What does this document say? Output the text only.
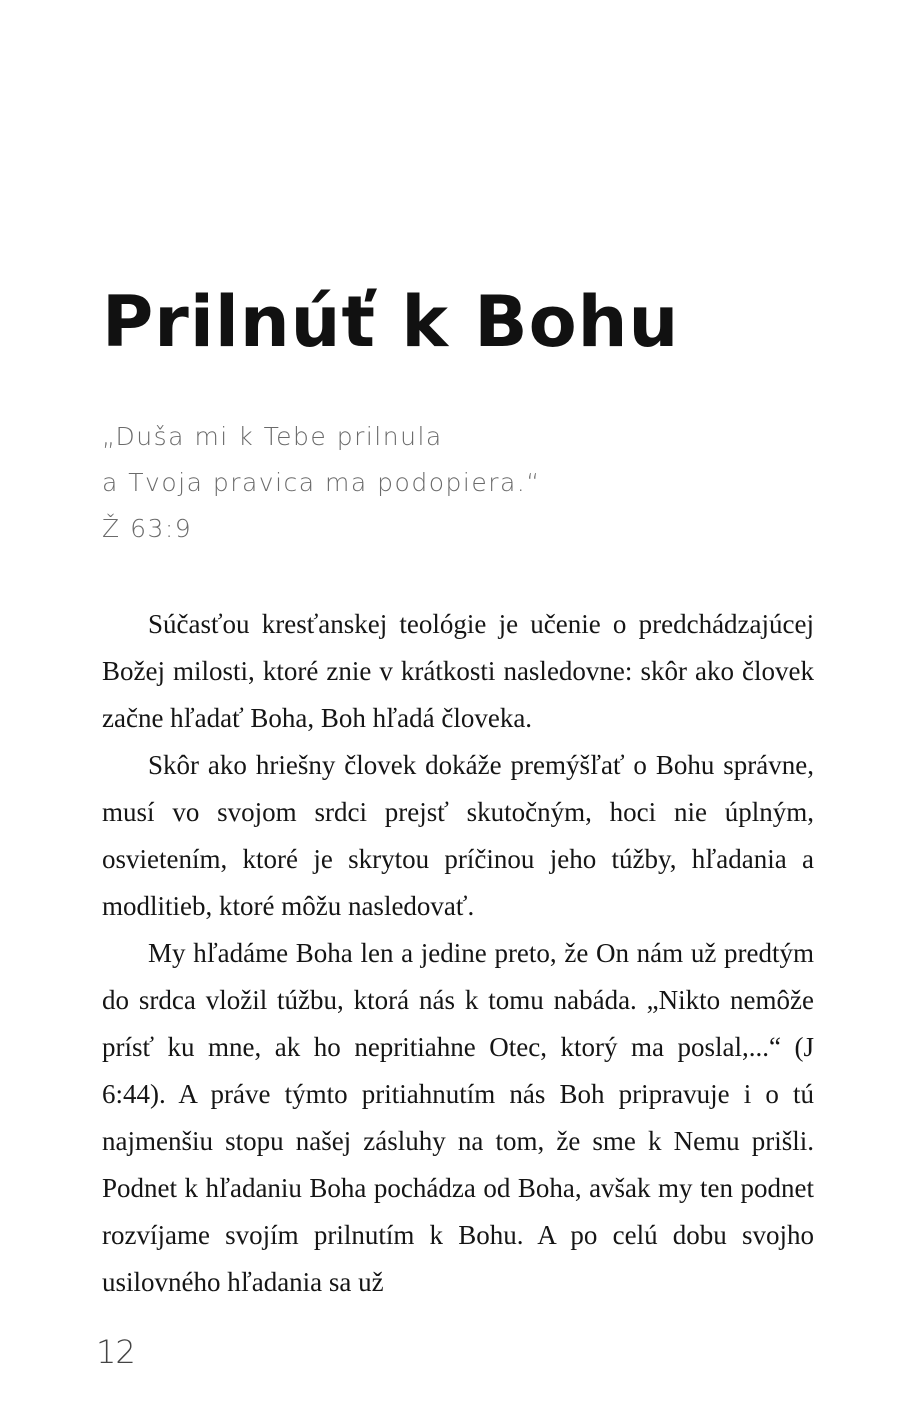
Prilnúť k Bohu
„Duša mi k Tebe prilnula
a Tvoja pravica ma podopiera.“
Ž 63:9

Súčasťou kresťanskej teológie je učenie o predchádzajúcej Božej milosti, ktoré znie v krátkosti nasledovne: skôr ako človek začne hľadať Boha, Boh hľadá človeka.

Skôr ako hriešny človek dokáže premýšľať o Bohu správne, musí vo svojom srdci prejsť skutočným, hoci nie úplným, osvietením, ktoré je skrytou príčinou jeho túžby, hľadania a modlitieb, ktoré môžu nasledovať.

My hľadáme Boha len a jedine preto, že On nám už predtým do srdca vložil túžbu, ktorá nás k tomu nabáda. „Nikto nemôže prísť ku mne, ak ho nepritiahne Otec, ktorý ma poslal,...“ (J 6:44). A práve týmto pritiahnutím nás Boh pripravuje i o tú najmenšiu stopu našej zásluhy na tom, že sme k Nemu prišli. Podnet k hľadaniu Boha pochádza od Boha, avšak my ten podnet rozvíjame svojím prilnutím k Bohu. A po celú dobu svojho usilovného hľadania sa už

12
